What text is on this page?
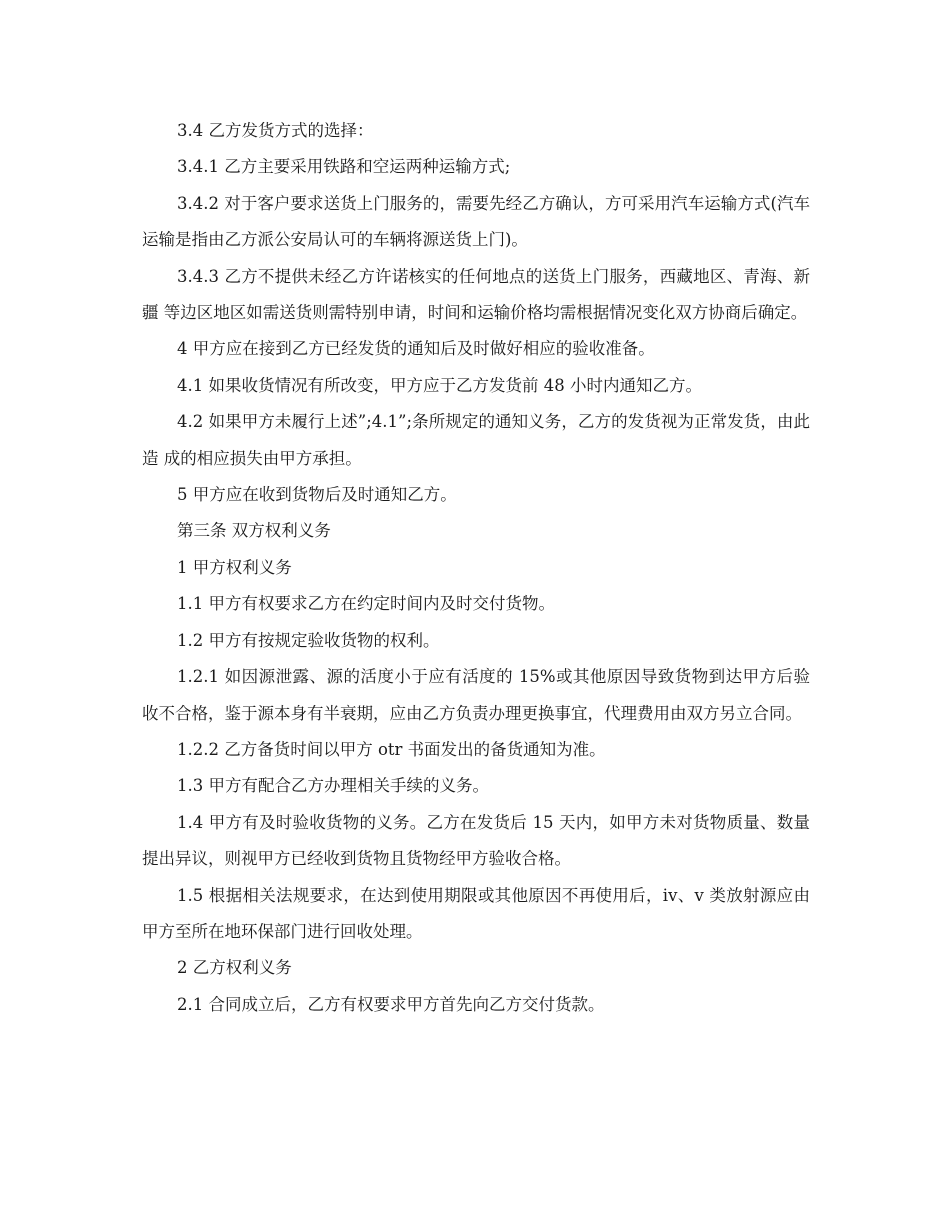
3.4 乙方发货方式的选择：

3.4.1 乙方主要采用铁路和空运两种运输方式;

3.4.2 对于客户要求送货上门服务的，需要先经乙方确认，方可采用汽车运输方式(汽车运输是指由乙方派公安局认可的车辆将源送货上门)。

3.4.3 乙方不提供未经乙方许诺核实的任何地点的送货上门服务，西藏地区、青海、新疆 等边区地区如需送货则需特别申请，时间和运输价格均需根据情况变化双方协商后确定。

4 甲方应在接到乙方已经发货的通知后及时做好相应的验收准备。

4.1 如果收货情况有所改变，甲方应于乙方发货前 48 小时内通知乙方。

4.2 如果甲方未履行上述”;4.1”;条所规定的通知义务，乙方的发货视为正常发货，由此造 成的相应损失由甲方承担。

5 甲方应在收到货物后及时通知乙方。

第三条 双方权利义务

1 甲方权利义务

1.1 甲方有权要求乙方在约定时间内及时交付货物。

1.2 甲方有按规定验收货物的权利。

1.2.1 如因源泄露、源的活度小于应有活度的 15%或其他原因导致货物到达甲方后验收不合格，鉴于源本身有半衰期，应由乙方负责办理更换事宜，代理费用由双方另立合同。

1.2.2 乙方备货时间以甲方 otr 书面发出的备货通知为准。

1.3 甲方有配合乙方办理相关手续的义务。

1.4 甲方有及时验收货物的义务。乙方在发货后 15 天内，如甲方未对货物质量、数量提出异议，则视甲方已经收到货物且货物经甲方验收合格。

1.5 根据相关法规要求，在达到使用期限或其他原因不再使用后，iv、v 类放射源应由甲方至所在地环保部门进行回收处理。

2 乙方权利义务

2.1 合同成立后，乙方有权要求甲方首先向乙方交付货款。
